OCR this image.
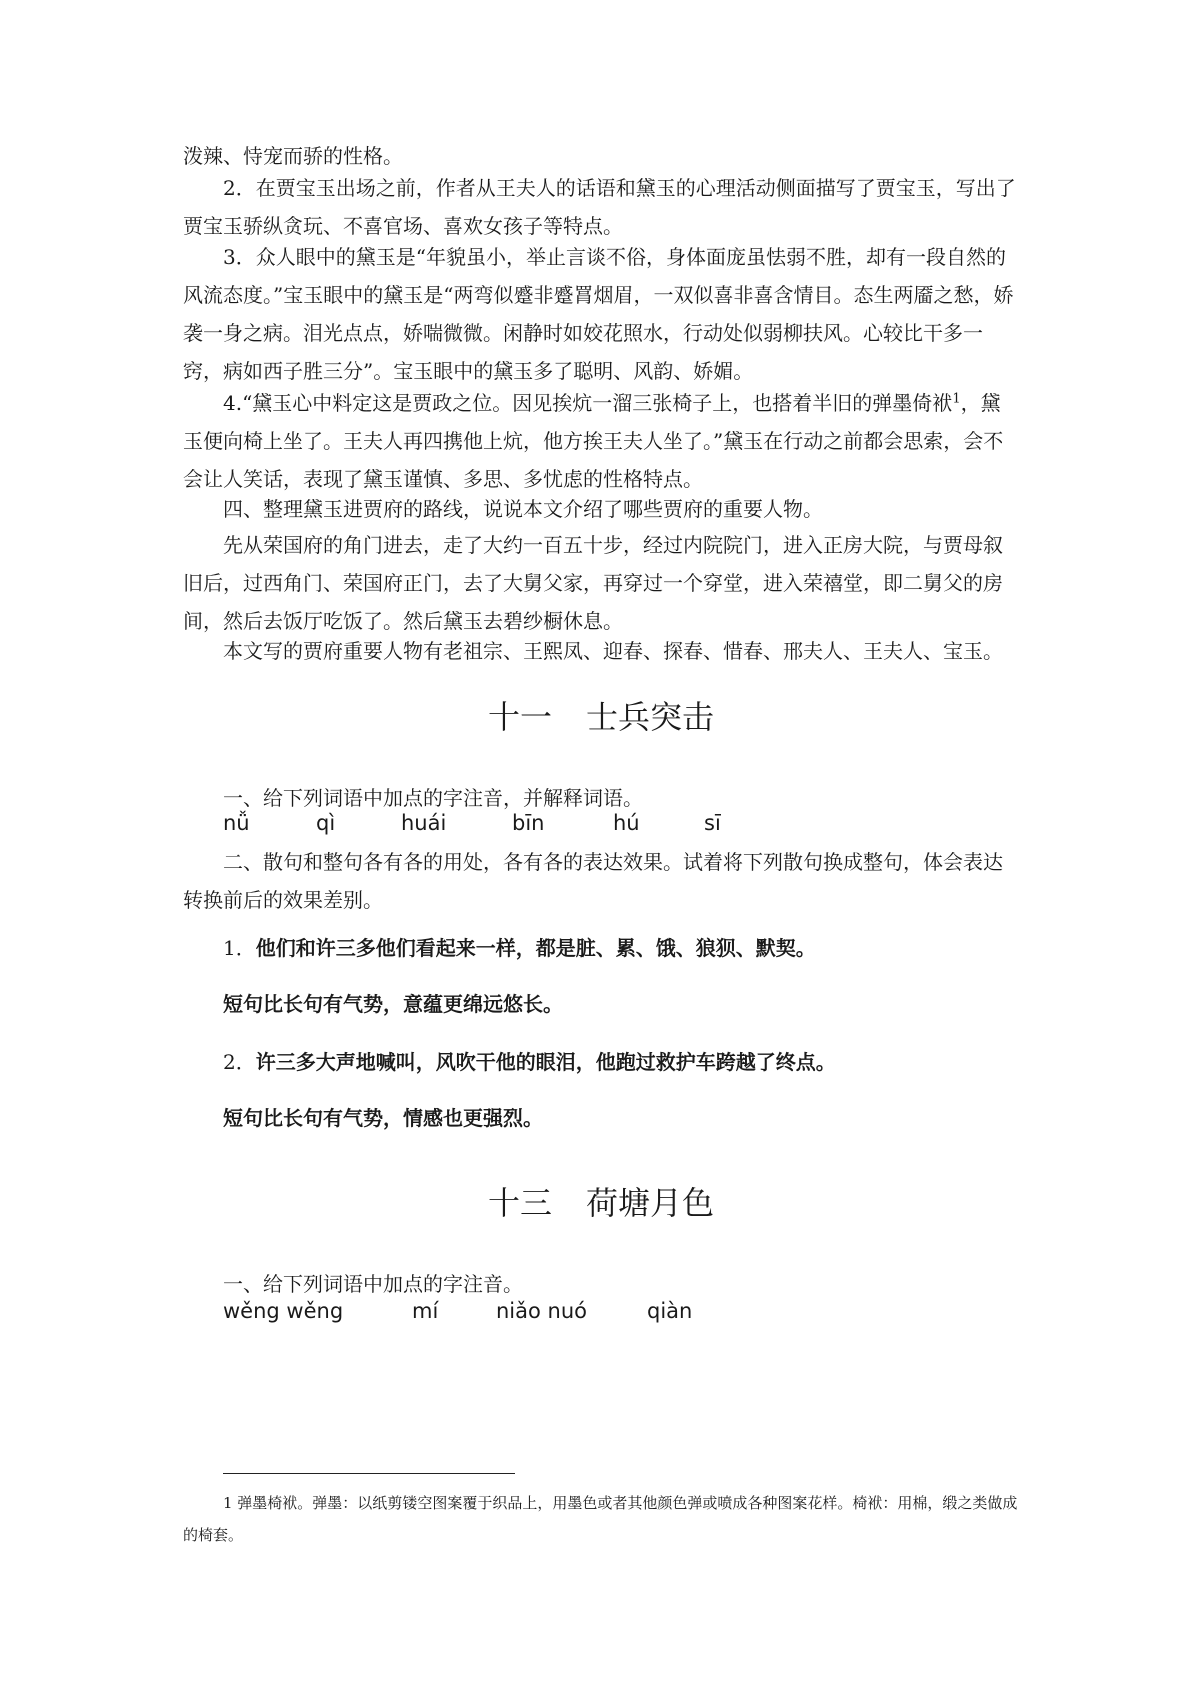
泼辣、恃宠而骄的性格。

2．在贾宝玉出场之前，作者从王夫人的话语和黛玉的心理活动侧面描写了贾宝玉，写出了贾宝玉骄纵贪玩、不喜官场、喜欢女孩子等特点。

3．众人眼中的黛玉是“年貌虽小，举止言谈不俗，身体面庞虽怯弱不胜，却有一段自然的风流态度。”宝玉眼中的黛玉是“两弯似蹙非蹙罥烟眉，一双似喜非喜含情目。态生两靥之愁，娇袭一身之病。泪光点点，娇喘微微。闲静时如姣花照水，行动处似弱柳扶风。心较比干多一窍，病如西子胜三分”。宝玉眼中的黛玉多了聪明、风韵、娇媚。

4.“黛玉心中料定这是贾政之位。因见挨炕一溜三张椅子上，也搭着半旧的弹墨倚袱$^1$，黛玉便向椅上坐了。王夫人再四携他上炕，他方挨王夫人坐了。”黛玉在行动之前都会思索，会不会让人笑话，表现了黛玉谨慎、多思、多忧虑的性格特点。

四、整理黛玉进贾府的路线，说说本文介绍了哪些贾府的重要人物。

先从荣国府的角门进去，走了大约一百五十步，经过内院院门，进入正房大院，与贾母叙旧后，过西角门、荣国府正门，去了大舅父家，再穿过一个穿堂，进入荣禧堂，即二舅父的房间，然后去饭厅吃饭了。然后黛玉去碧纱橱休息。

本文写的贾府重要人物有老祖宗、王熙凤、迎春、探春、惜春、邢夫人、王夫人、宝玉。

十一 士兵突击

一、给下列词语中加点的字注音，并解释词语。

nǚ	qì	huái	bīn	hú	sī

二、散句和整句各有各的用处，各有各的表达效果。试着将下列散句换成整句，体会表达转换前后的效果差别。

1．他们和许三多他们看起来一样，都是脏、累、饿、狼狈、默契。

短句比长句有气势，意蕴更绵远悠长。

2．许三多大声地喊叫，风吹干他的眼泪，他跑过救护车跨越了终点。

短句比长句有气势，情感也更强烈。

十三 荷塘月色

一、给下列词语中加点的字注音。

wěng wěng	mí	niǎo nuó	qiàn

1 弹墨椅袱。弹墨：以纸剪镂空图案覆于织品上，用墨色或者其他颜色弹或喷成各种图案花样。椅袱：用棉，缎之类做成的椅套。
